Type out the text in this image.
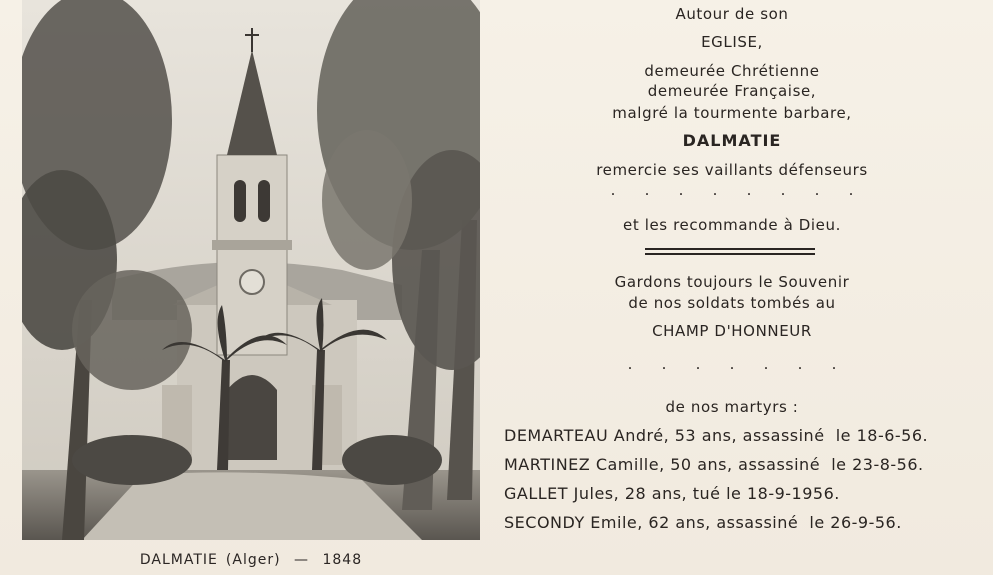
DALMATIE (Alger) — 1848
Autour de son
EGLISE,
demeurée Chrétienne
demeurée Française,
malgré la tourmente barbare,
DALMATIE
remercie ses vaillants défenseurs
. . . . . . . .
et les recommande à Dieu.
Gardons toujours le Souvenir
de nos soldats tombés au
CHAMP D'HONNEUR
. . . . . . .
de nos martyrs :
DEMARTEAU André, 53 ans, assassiné le 18-6-56.
MARTINEZ Camille, 50 ans, assassiné le 23-8-56.
GALLET Jules, 28 ans, tué le 18-9-1956.
SECONDY Emile, 62 ans, assassiné le 26-9-56.
